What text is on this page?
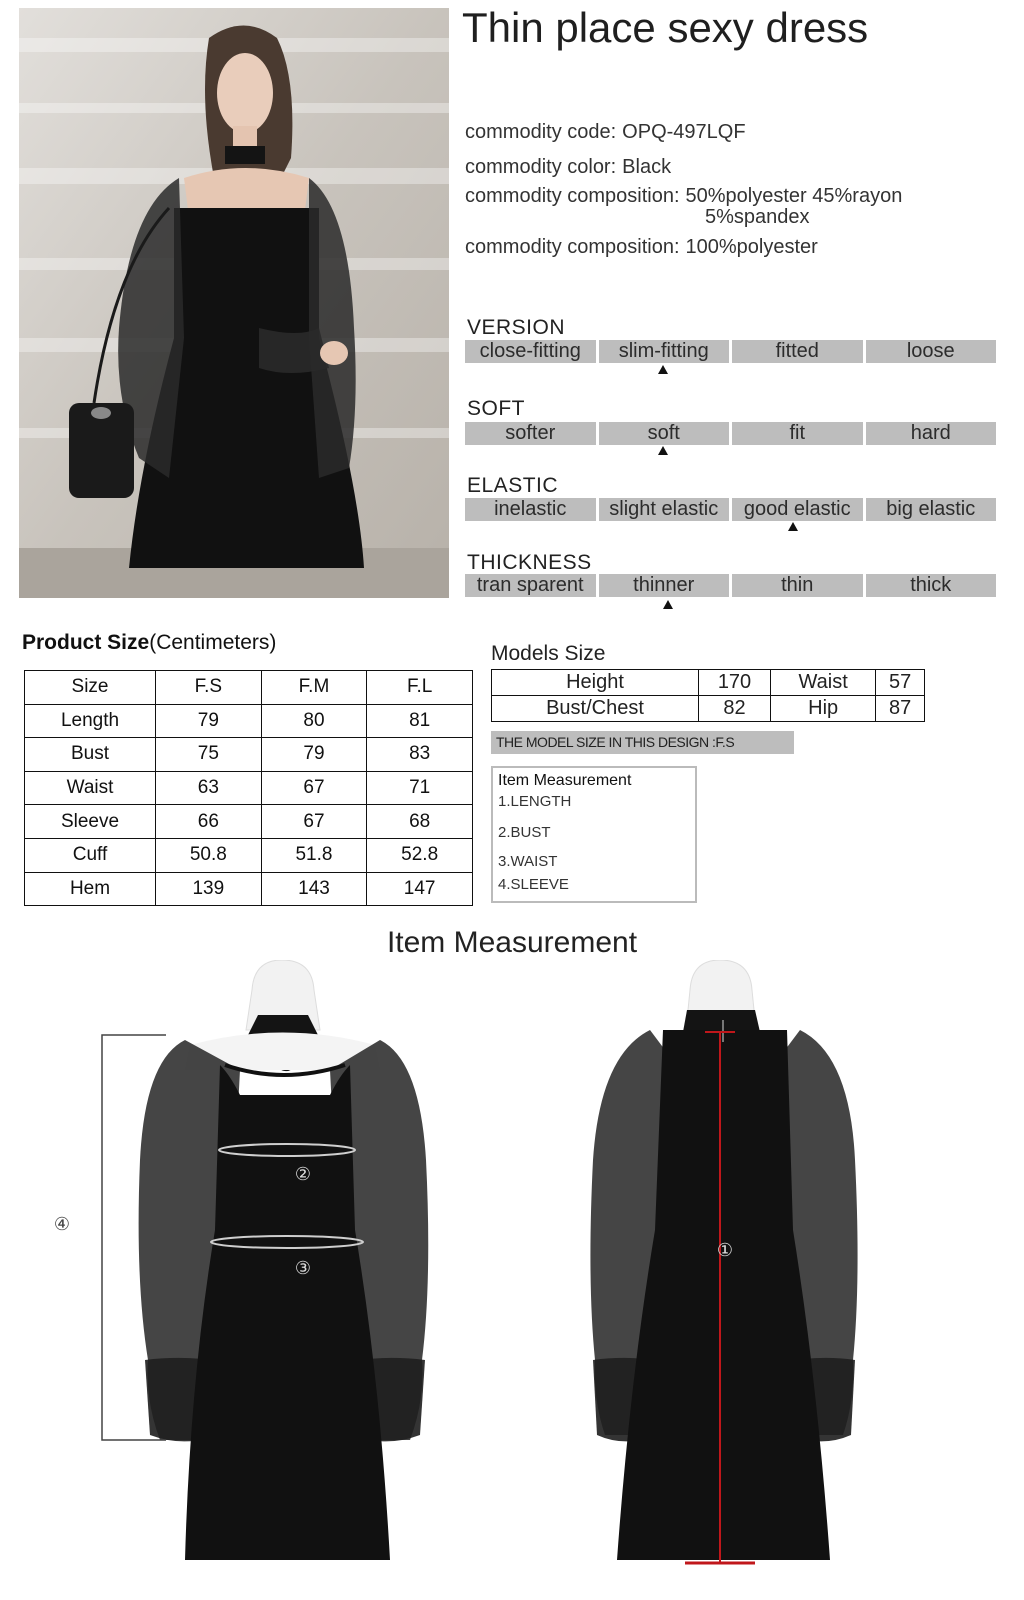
Thin place sexy dress
commodity code: OPQ-497LQF
commodity color: Black
commodity composition: 50%polyester 45%rayon
5%spandex
commodity composition: 100%polyester
VERSION
close-fitting	slim-fitting	fitted	loose
SOFT
softer	soft	fit	hard
ELASTIC
inelastic	slight elastic	good elastic	big elastic
THICKNESS
tran sparent	thinner	thin	thick
Product Size(Centimeters)
Size	F.S	F.M	F.L
Length	79	80	81
Bust	75	79	83
Waist	63	67	71
Sleeve	66	67	68
Cuff	50.8	51.8	52.8
Hem	139	143	147
Models Size
Height	170	Waist	57
Bust/Chest	82	Hip	87
THE MODEL SIZE IN THIS DESIGN :F.S
Item Measurement
1.LENGTH
2.BUST
3.WAIST
4.SLEEVE
Item Measurement
②
③
④
①
